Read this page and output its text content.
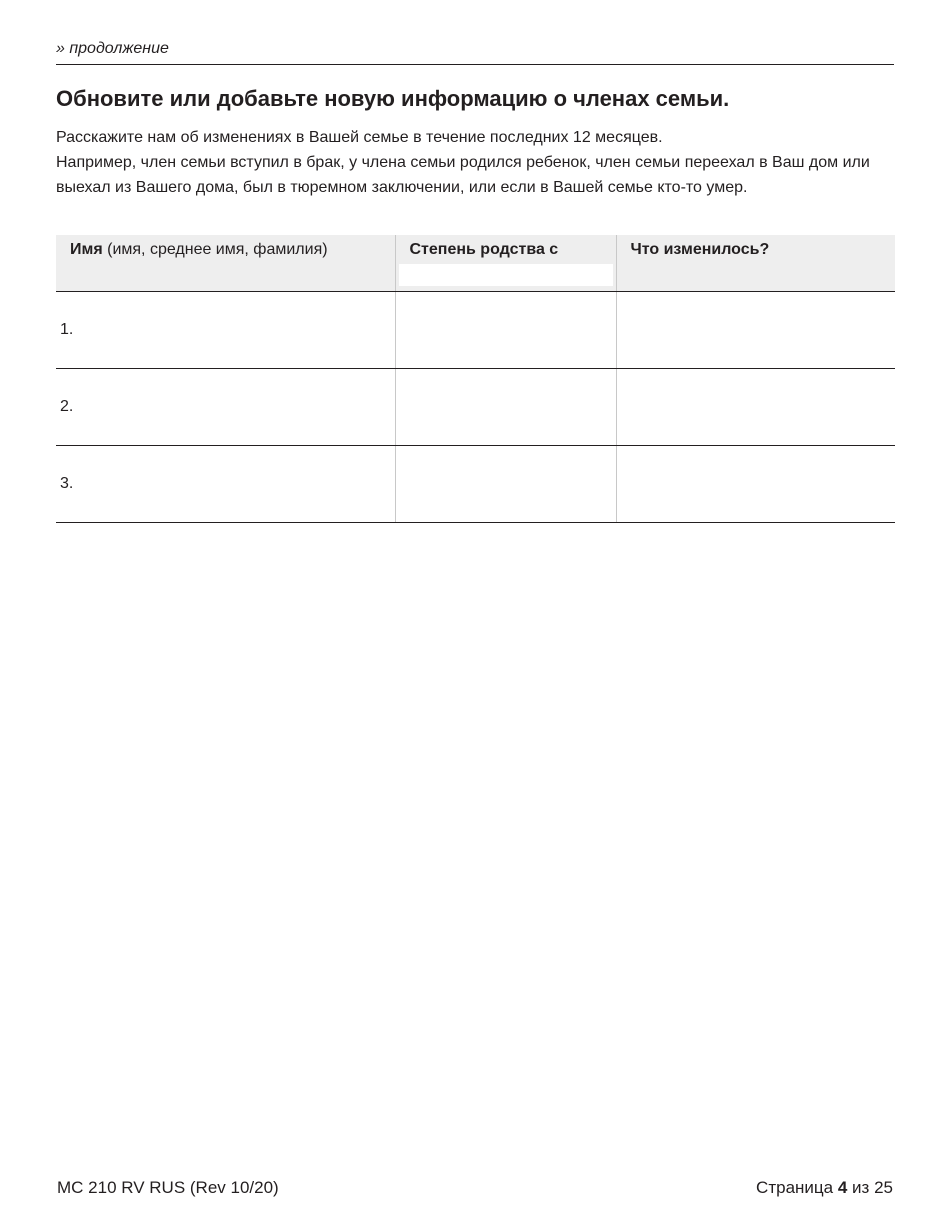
» продолжение
Обновите или добавьте новую информацию о членах семьи.

Расскажите нам об изменениях в Вашей семье в течение последних 12 месяцев.

Например, член семьи вступил в брак, у члена семьи родился ребенок, член семьи переехал в Ваш дом или выехал из Вашего дома, был в тюремном заключении, или если в Вашей семье кто-то умер.

Имя (имя, среднее имя, фамилия)	Степень родства с	Что изменилось?

1.		
2.		
3.		
MC 210 RV RUS (Rev 10/20)	Страница 4 из 25
